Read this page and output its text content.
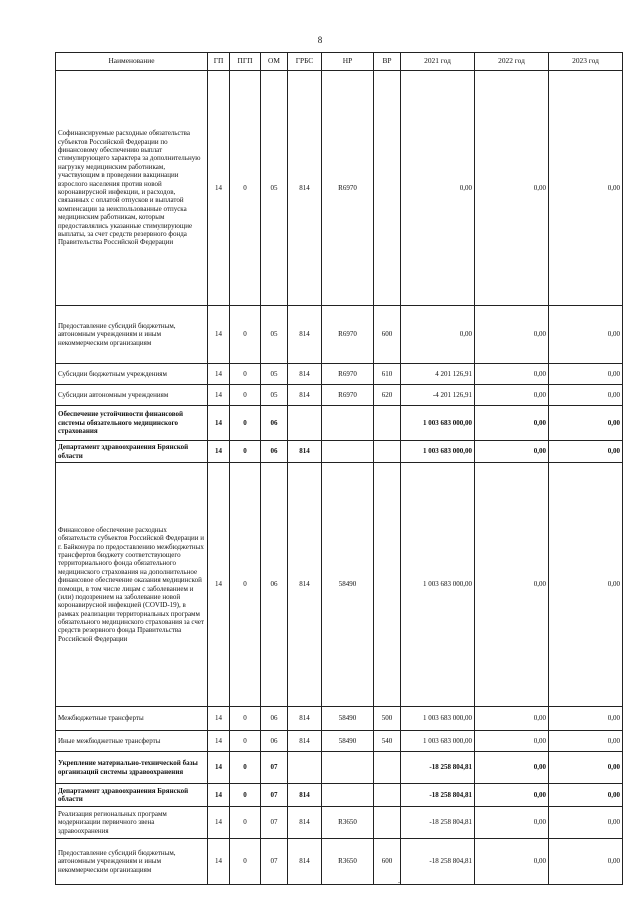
8
Наименование	ГП	ПГП	ОМ	ГРБС	НР	ВР	2021 год	2022 год	2023 год
Софинансируемые расходные обязательства субъектов Российской Федерации по финансовому обеспечению выплат стимулирующего характера за дополнительную нагрузку медицинским работникам, участвующим в проведении вакцинации взрослого населения против новой коронавирусной инфекции, и расходов, связанных с оплатой отпусков и выплатой компенсации за неиспользованные отпуска медицинским работникам, которым предоставлялись указанные стимулирующие выплаты, за счет средств резервного фонда Правительства Российской Федерации	14	0	05	814	R6970		0,00	0,00	0,00
Предоставление субсидий бюджетным, автономным учреждениям и иным некоммерческим организациям	14	0	05	814	R6970	600	0,00	0,00	0,00
Субсидии бюджетным учреждениям	14	0	05	814	R6970	610	4 201 126,91	0,00	0,00
Субсидии автономным учреждениям	14	0	05	814	R6970	620	-4 201 126,91	0,00	0,00
Обеспечение устойчивости финансовой системы обязательного медицинского страхования	14	0	06				1 003 683 000,00	0,00	0,00
Департамент здравоохранения Брянской области	14	0	06	814			1 003 683 000,00	0,00	0,00
Финансовое обеспечение расходных обязательств субъектов Российской Федерации и г. Байконура по предоставлению межбюджетных трансфертов бюджету соответствующего территориального фонда обязательного медицинского страхования на дополнительное финансовое обеспечение оказания медицинской помощи, в том числе лицам с заболеванием и (или) подозрением на заболевание новой коронавирусной инфекцией (COVID-19), в рамках реализации территориальных программ обязательного медицинского страхования за счет средств резервного фонда Правительства Российской Федерации	14	0	06	814	58490		1 003 683 000,00	0,00	0,00
Межбюджетные трансферты	14	0	06	814	58490	500	1 003 683 000,00	0,00	0,00
Иные межбюджетные трансферты	14	0	06	814	58490	540	1 003 683 000,00	0,00	0,00
Укрепление материально-технической базы организаций системы здравоохранения	14	0	07				-18 258 804,81	0,00	0,00
Департамент здравоохранения Брянской области	14	0	07	814			-18 258 804,81	0,00	0,00
Реализация региональных программ модернизации первичного звена здравоохранения	14	0	07	814	R3650		-18 258 804,81	0,00	0,00
Предоставление субсидий бюджетным, автономным учреждениям и иным некоммерческим организациям	14	0	07	814	R3650	600	-18 258 804,81	0,00	0,00
.
